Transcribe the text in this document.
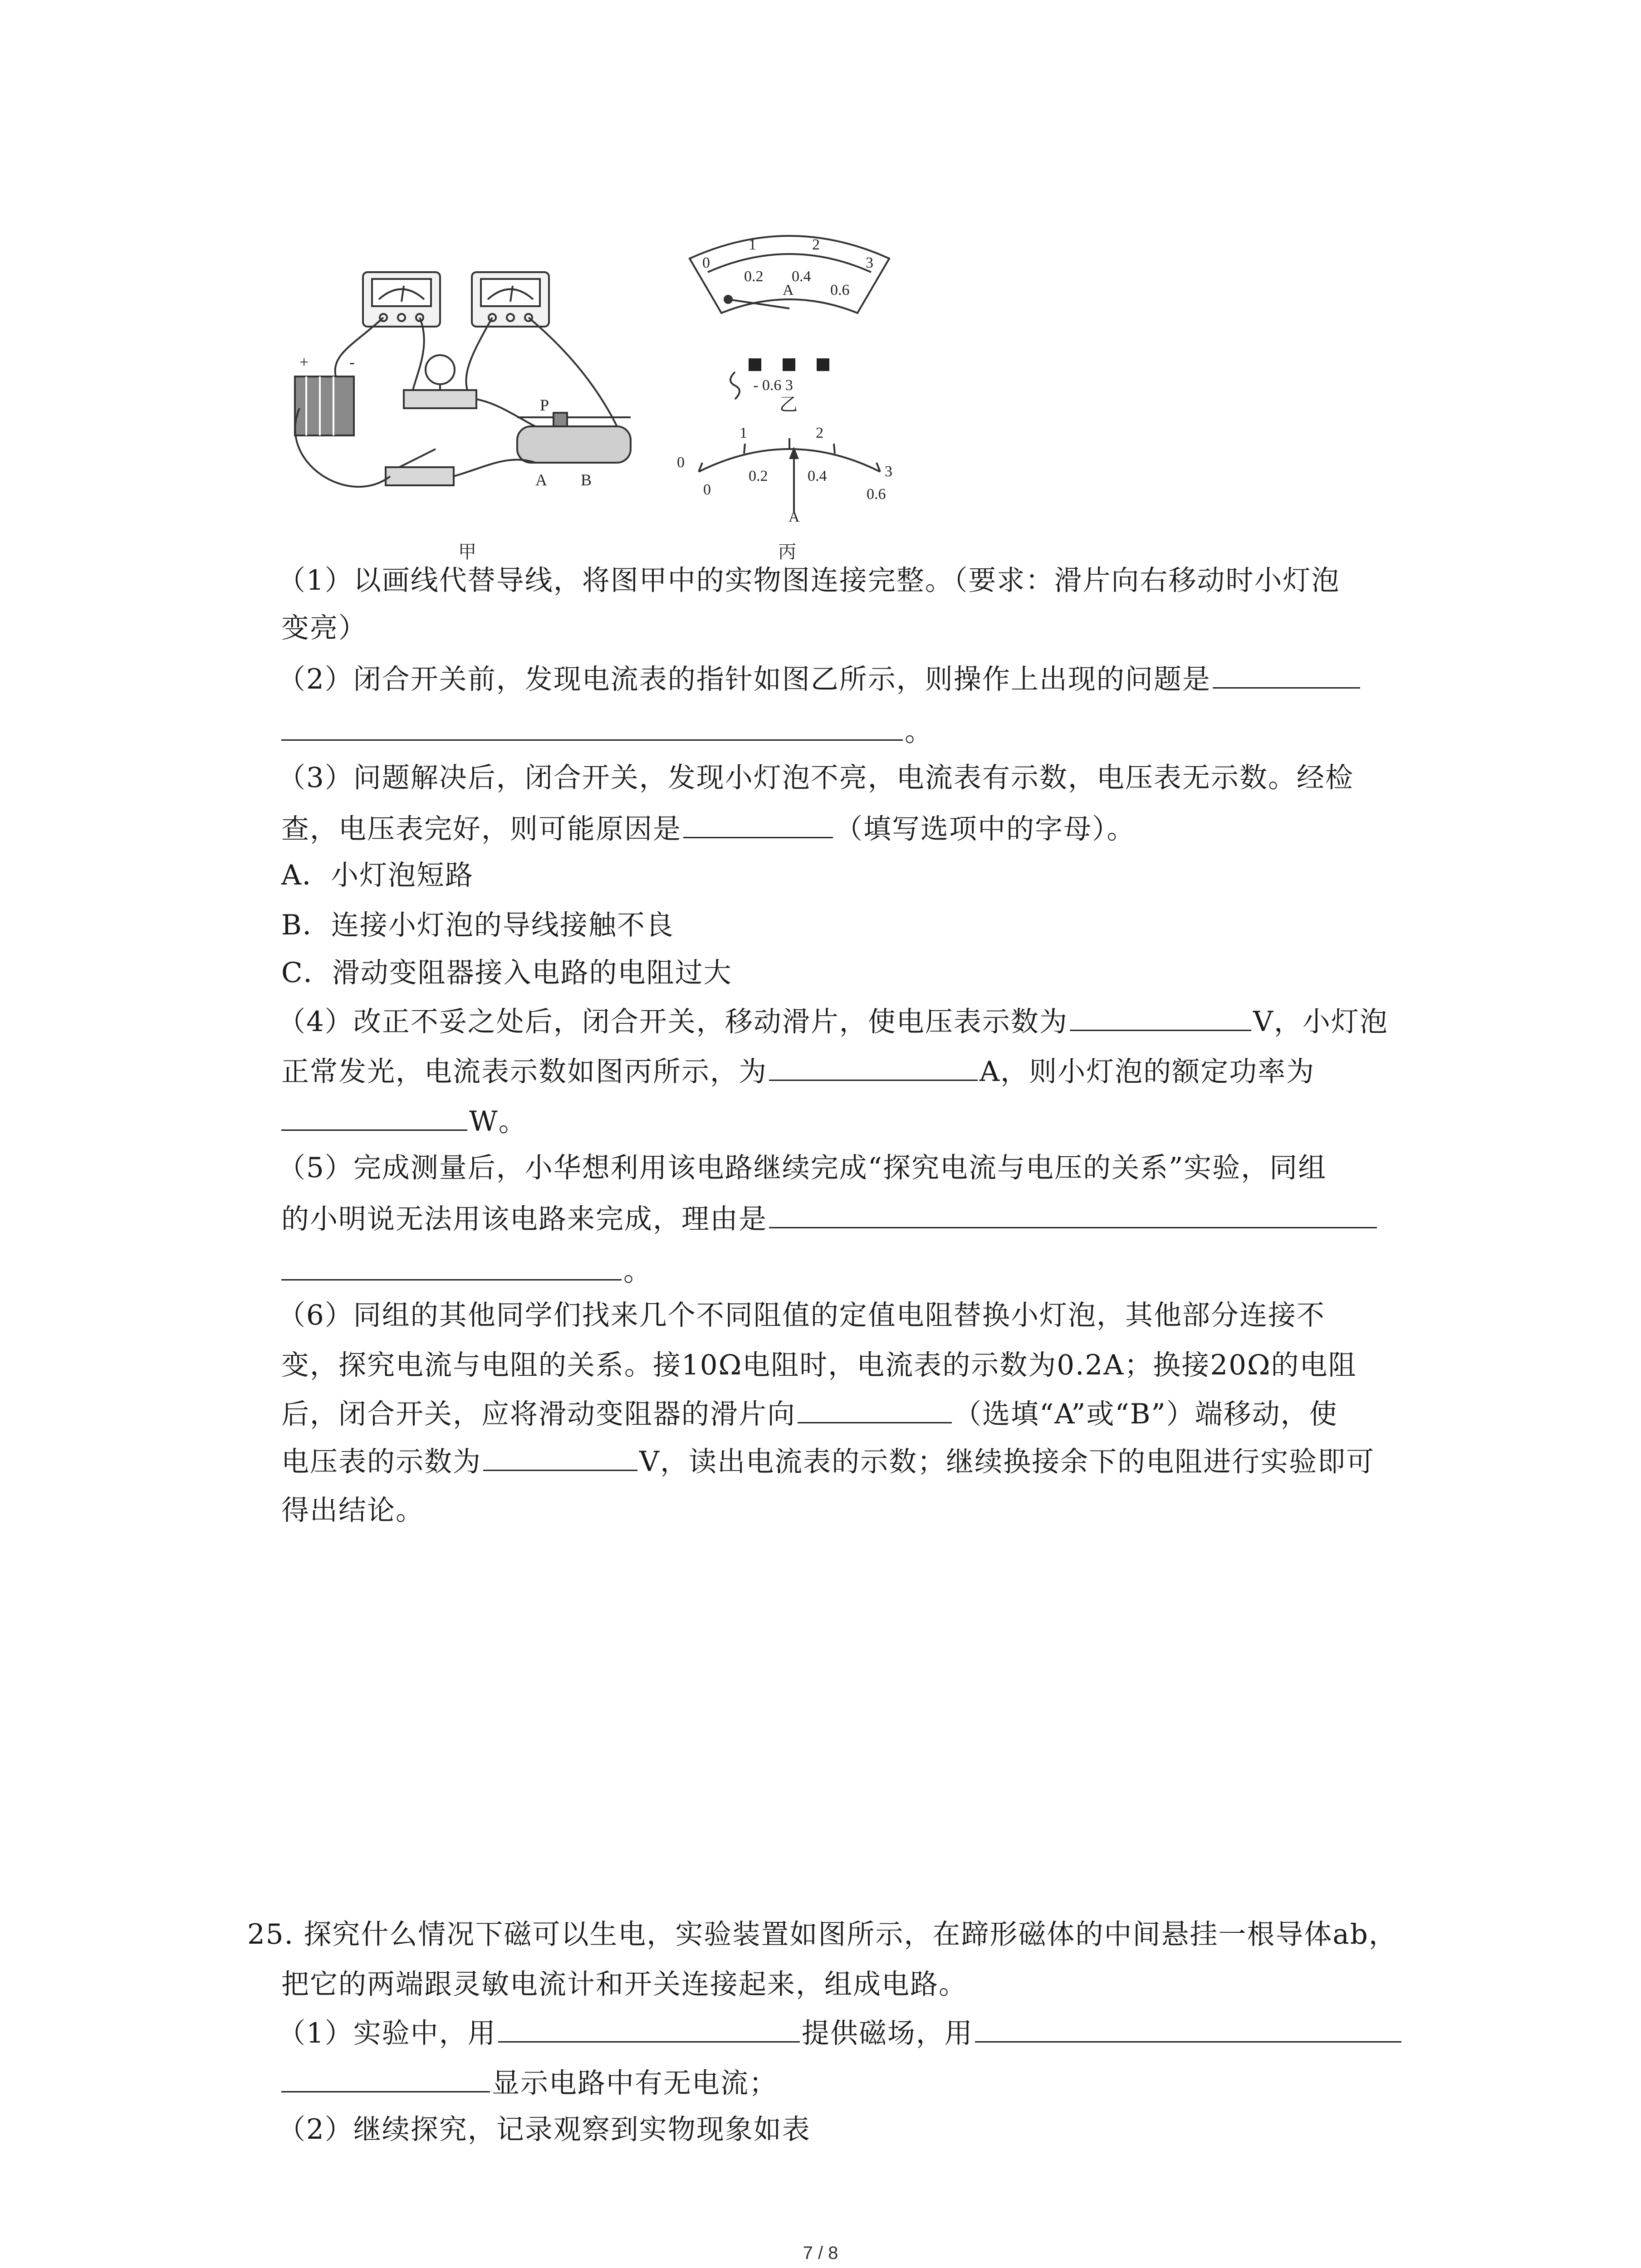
+ -
P
A B
甲
0
1	2
3
0.2 0.4
0.6
A
- 0.6 3
乙
0
1	2
3
0
0.2	0.4
0.6
A
丙
（1）以画线代替导线，将图甲中的实物图连接完整。（要求：滑片向右移动时小灯泡
变亮）
（2）闭合开关前，发现电流表的指针如图乙所示，则操作上出现的问题是
。
（3）问题解决后，闭合开关，发现小灯泡不亮，电流表有示数，电压表无示数。经检
查，电压表完好，则可能原因是	（填写选项中的字母）。
A．小灯泡短路
B．连接小灯泡的导线接触不良
C．滑动变阻器接入电路的电阻过大
（4）改正不妥之处后，闭合开关，移动滑片，使电压表示数为	V，小灯泡
正常发光，电流表示数如图丙所示，为	A，则小灯泡的额定功率为
W。
（5）完成测量后，小华想利用该电路继续完成“探究电流与电压的关系”实验，同组
的小明说无法用该电路来完成，理由是
。
（6）同组的其他同学们找来几个不同阻值的定值电阻替换小灯泡，其他部分连接不
变，探究电流与电阻的关系。接10Ω电阻时，电流表的示数为0.2A；换接20Ω的电阻
后，闭合开关，应将滑动变阻器的滑片向	（选填“A”或“B”）端移动，使
电压表的示数为	V，读出电流表的示数；继续换接余下的电阻进行实验即可
得出结论。
25. 探究什么情况下磁可以生电，实验装置如图所示，在蹄形磁体的中间悬挂一根导体ab，
把它的两端跟灵敏电流计和开关连接起来，组成电路。
（1）实验中，用	提供磁场，用
显示电路中有无电流；
（2）继续探究，记录观察到实物现象如表
7 / 8
